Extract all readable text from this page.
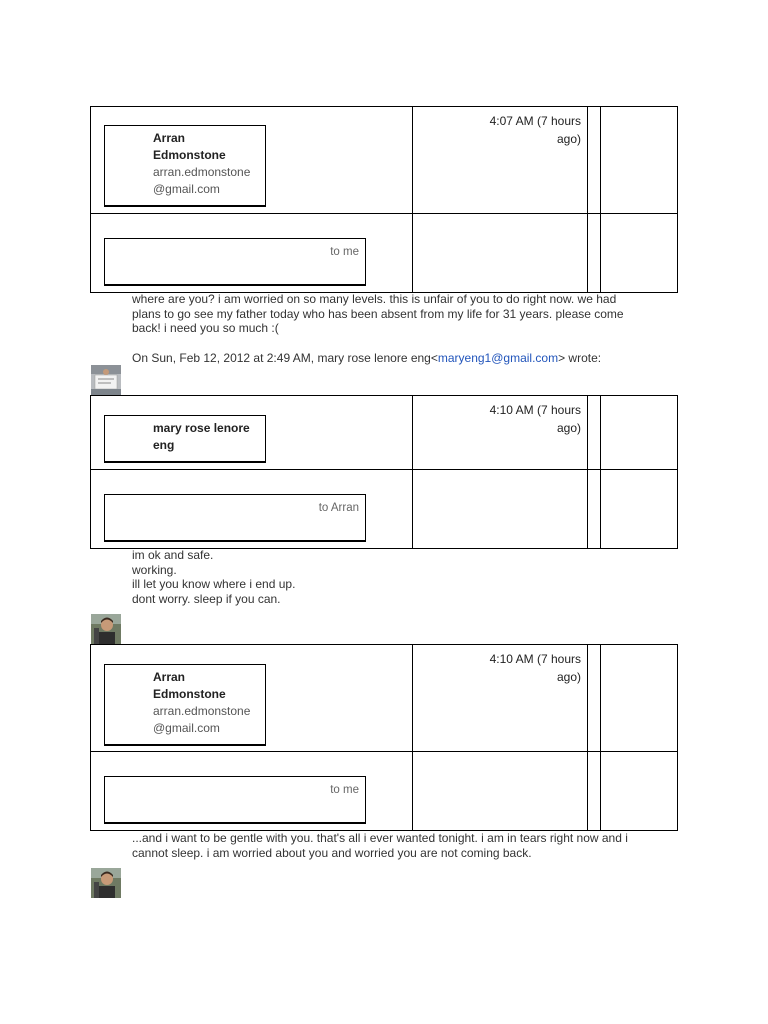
Arran
Edmonstone
arran.edmonstone
@gmail.com
4:07 AM (7 hours
ago)
to me

where are you? i am worried on so many levels. this is unfair of you to do right now. we had

plans to go see my father today who has been absent from my life for 31 years. please come

back! i need you so much :(

On Sun, Feb 12, 2012 at 2:49 AM, mary rose lenore eng<maryeng1@gmail.com> wrote:
mary rose lenore
eng
4:10 AM (7 hours
ago)
to Arran

im ok and safe.

working.

ill let you know where i end up.

dont worry. sleep if you can.

Arran
Edmonstone
arran.edmonstone
@gmail.com
4:10 AM (7 hours
ago)
to me

...and i want to be gentle with you. that's all i ever wanted tonight. i am in tears right now and i

cannot sleep. i am worried about you and worried you are not coming back.
